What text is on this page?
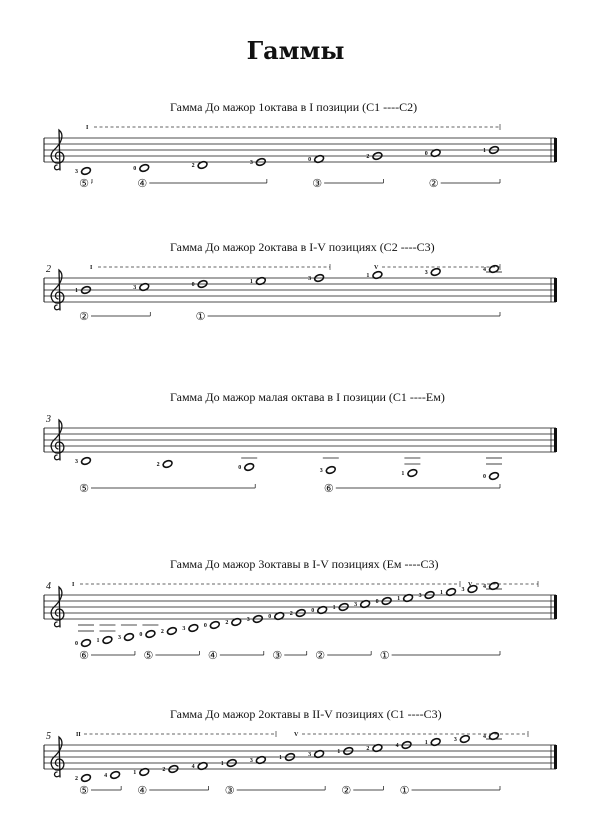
Гаммы
Гамма До мажор 1октава в I позиции (С1 ----С2)
3	0	2	3	0	2	0	1
I
⑤	④	③	②
Гамма До мажор 2октава в I-V позициях (С2 ----С3)
2
1	3	0	1	3	1	3	4
I	V
②	①
Гамма До мажор малая октава в I позиции (С1 ----Ем)
3
3	2	0	3	1	0
⑤	⑥
Гамма До мажор 3октавы в I-V позициях (Ем ----С3)
4
0	1	3	0	2	3	0	2	3	0	2	0	1	3	0	1	3	1	3	4
I	V
⑥	⑤	④	③	②	①
Гамма До мажор 2октавы в II-V позициях (С1 ----С3)
5
2	4	1	2	4	1	3	1	3	1	2	4	1	3	4
II	V
⑤	④	③	②	①
